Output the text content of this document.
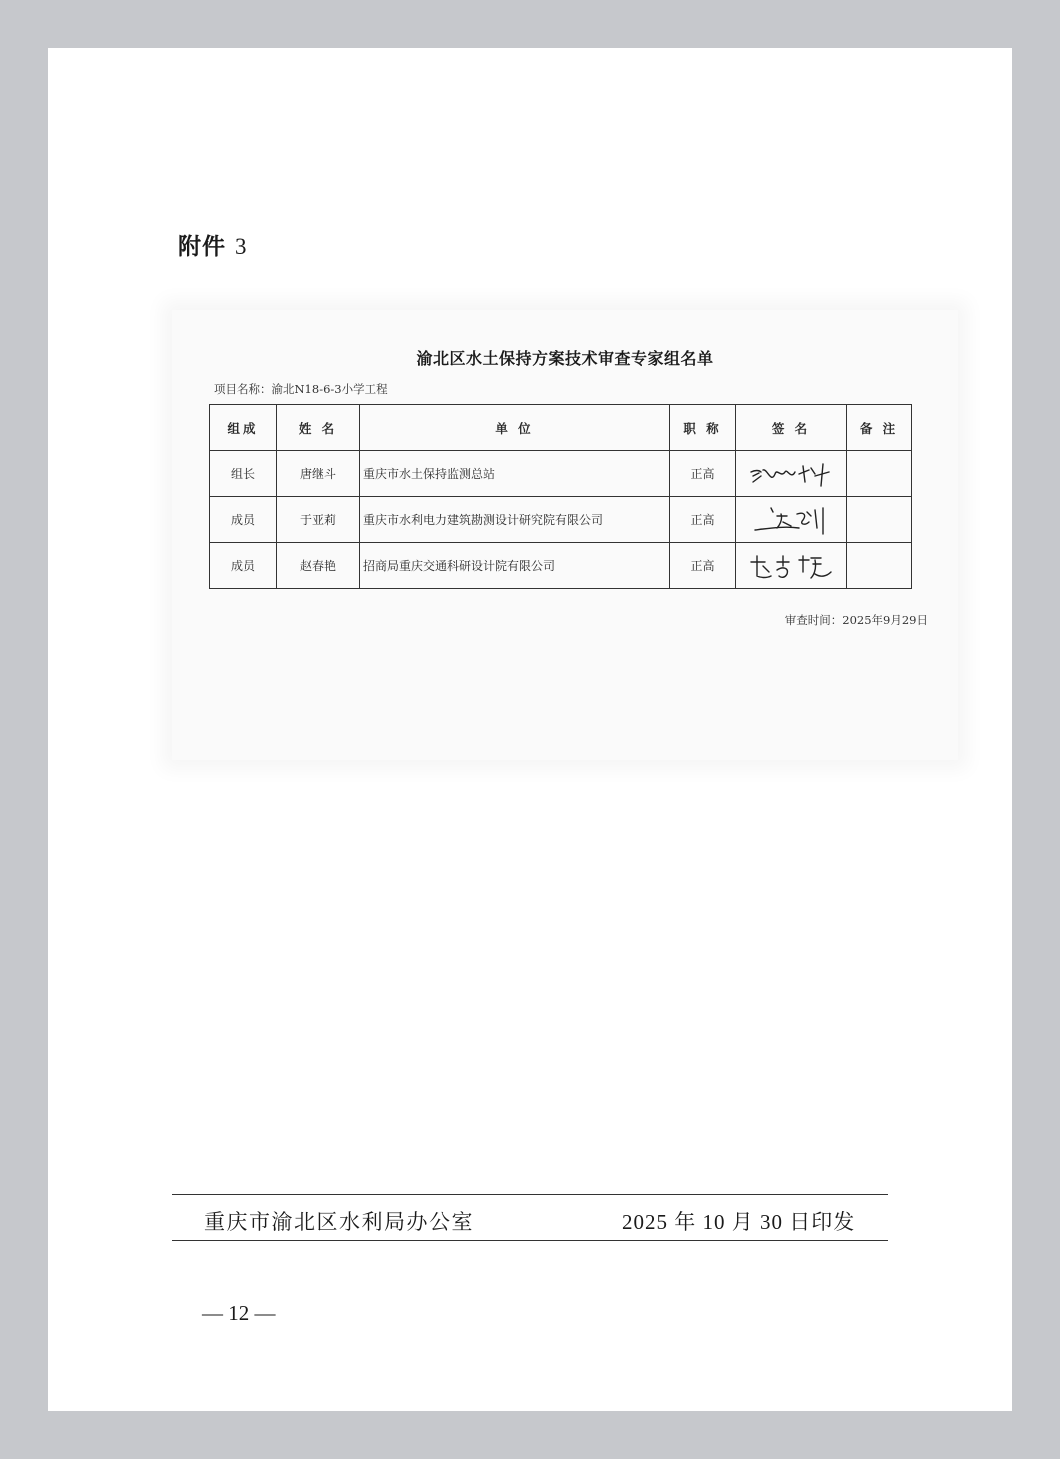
附件 3
渝北区水土保持方案技术审查专家组名单
项目名称：渝北N18-6-3小学工程
组成	姓 名	单 位	职 称	签 名	备 注
组长	唐继斗	重庆市水土保持监测总站	正高	

成员	于亚莉	重庆市水利电力建筑勘测设计研究院有限公司	正高	

成员	赵春艳	招商局重庆交通科研设计院有限公司	正高	

审查时间：2025年9月29日
重庆市渝北区水利局办公室	2025 年 10 月 30 日印发
— 12 —
